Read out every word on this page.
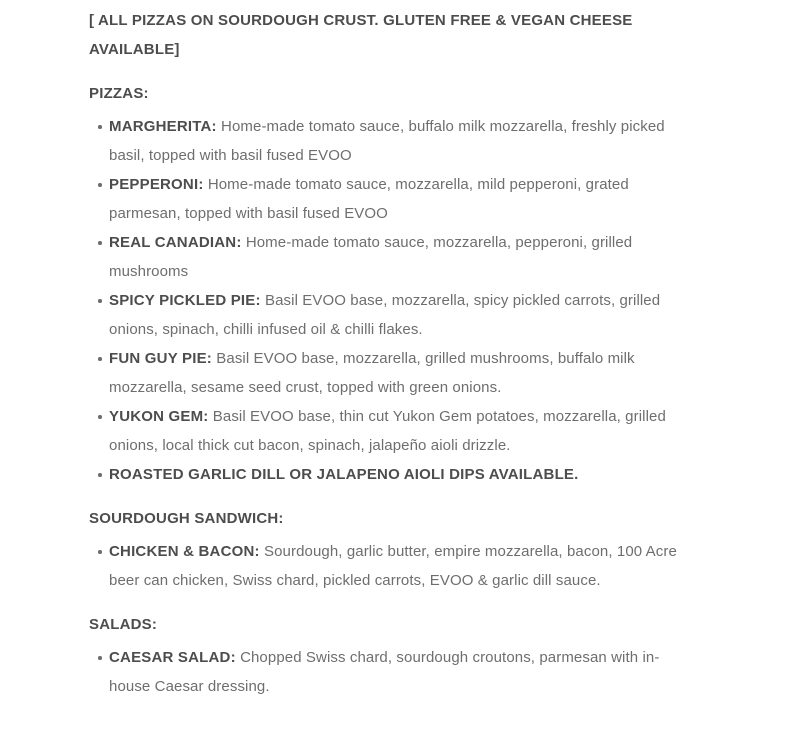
[ ALL PIZZAS ON SOURDOUGH CRUST. GLUTEN FREE & VEGAN CHEESE AVAILABLE]

PIZZAS:

MARGHERITA: Home-made tomato sauce, buffalo milk mozzarella, freshly picked basil, topped with basil fused EVOO
PEPPERONI: Home-made tomato sauce, mozzarella, mild pepperoni, grated parmesan, topped with basil fused EVOO
REAL CANADIAN: Home-made tomato sauce, mozzarella, pepperoni, grilled mushrooms
SPICY PICKLED PIE: Basil EVOO base, mozzarella, spicy pickled carrots, grilled onions, spinach, chilli infused oil & chilli flakes.
FUN GUY PIE: Basil EVOO base, mozzarella, grilled mushrooms, buffalo milk mozzarella, sesame seed crust, topped with green onions.
YUKON GEM: Basil EVOO base, thin cut Yukon Gem potatoes, mozzarella, grilled onions, local thick cut bacon, spinach, jalapeño aioli drizzle.
ROASTED GARLIC DILL OR JALAPENO AIOLI DIPS AVAILABLE.

SOURDOUGH SANDWICH:

CHICKEN & BACON: Sourdough, garlic butter, empire mozzarella, bacon, 100 Acre beer can chicken, Swiss chard, pickled carrots, EVOO & garlic dill sauce.

SALADS:

CAESAR SALAD: Chopped Swiss chard, sourdough croutons, parmesan with in-house Caesar dressing.
